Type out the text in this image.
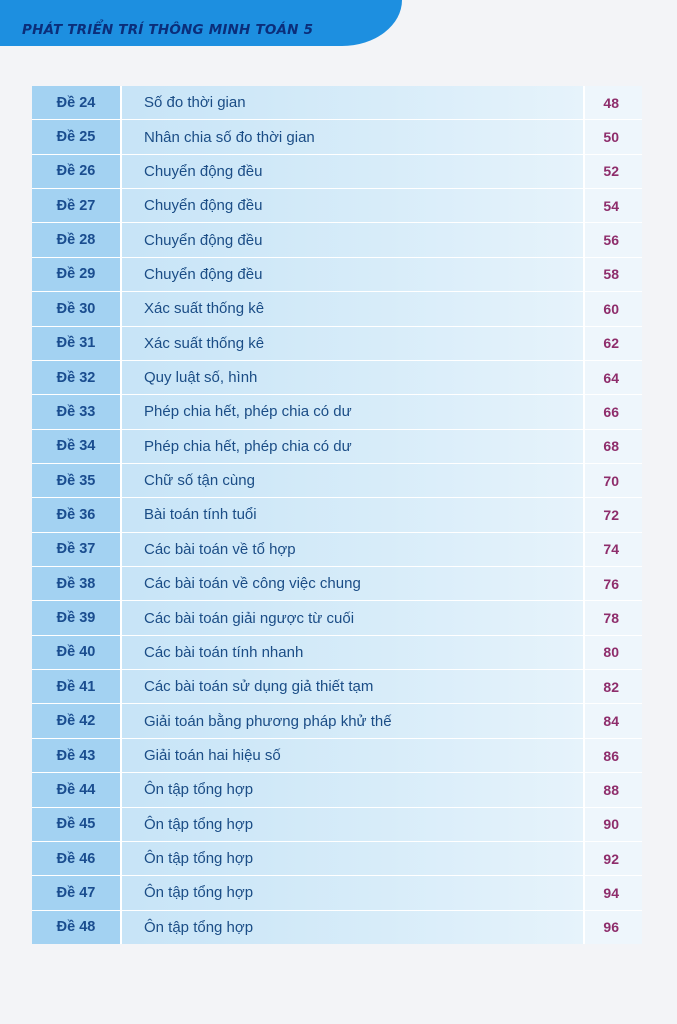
PHÁT TRIỂN TRÍ THÔNG MINH TOÁN 5
Đề 24	Số đo thời gian	48
Đề 25	Nhân chia số đo thời gian	50
Đề 26	Chuyển động đều	52
Đề 27	Chuyển động đều	54
Đề 28	Chuyển động đều	56
Đề 29	Chuyển động đều	58
Đề 30	Xác suất thống kê	60
Đề 31	Xác suất thống kê	62
Đề 32	Quy luật số, hình	64
Đề 33	Phép chia hết, phép chia có dư	66
Đề 34	Phép chia hết, phép chia có dư	68
Đề 35	Chữ số tận cùng	70
Đề 36	Bài toán tính tuổi	72
Đề 37	Các bài toán về tổ hợp	74
Đề 38	Các bài toán về công việc chung	76
Đề 39	Các bài toán giải ngược từ cuối	78
Đề 40	Các bài toán tính nhanh	80
Đề 41	Các bài toán sử dụng giả thiết tạm	82
Đề 42	Giải toán bằng phương pháp khử thế	84
Đề 43	Giải toán hai hiệu số	86
Đề 44	Ôn tập tổng hợp	88
Đề 45	Ôn tập tổng hợp	90
Đề 46	Ôn tập tổng hợp	92
Đề 47	Ôn tập tổng hợp	94
Đề 48	Ôn tập tổng hợp	96
